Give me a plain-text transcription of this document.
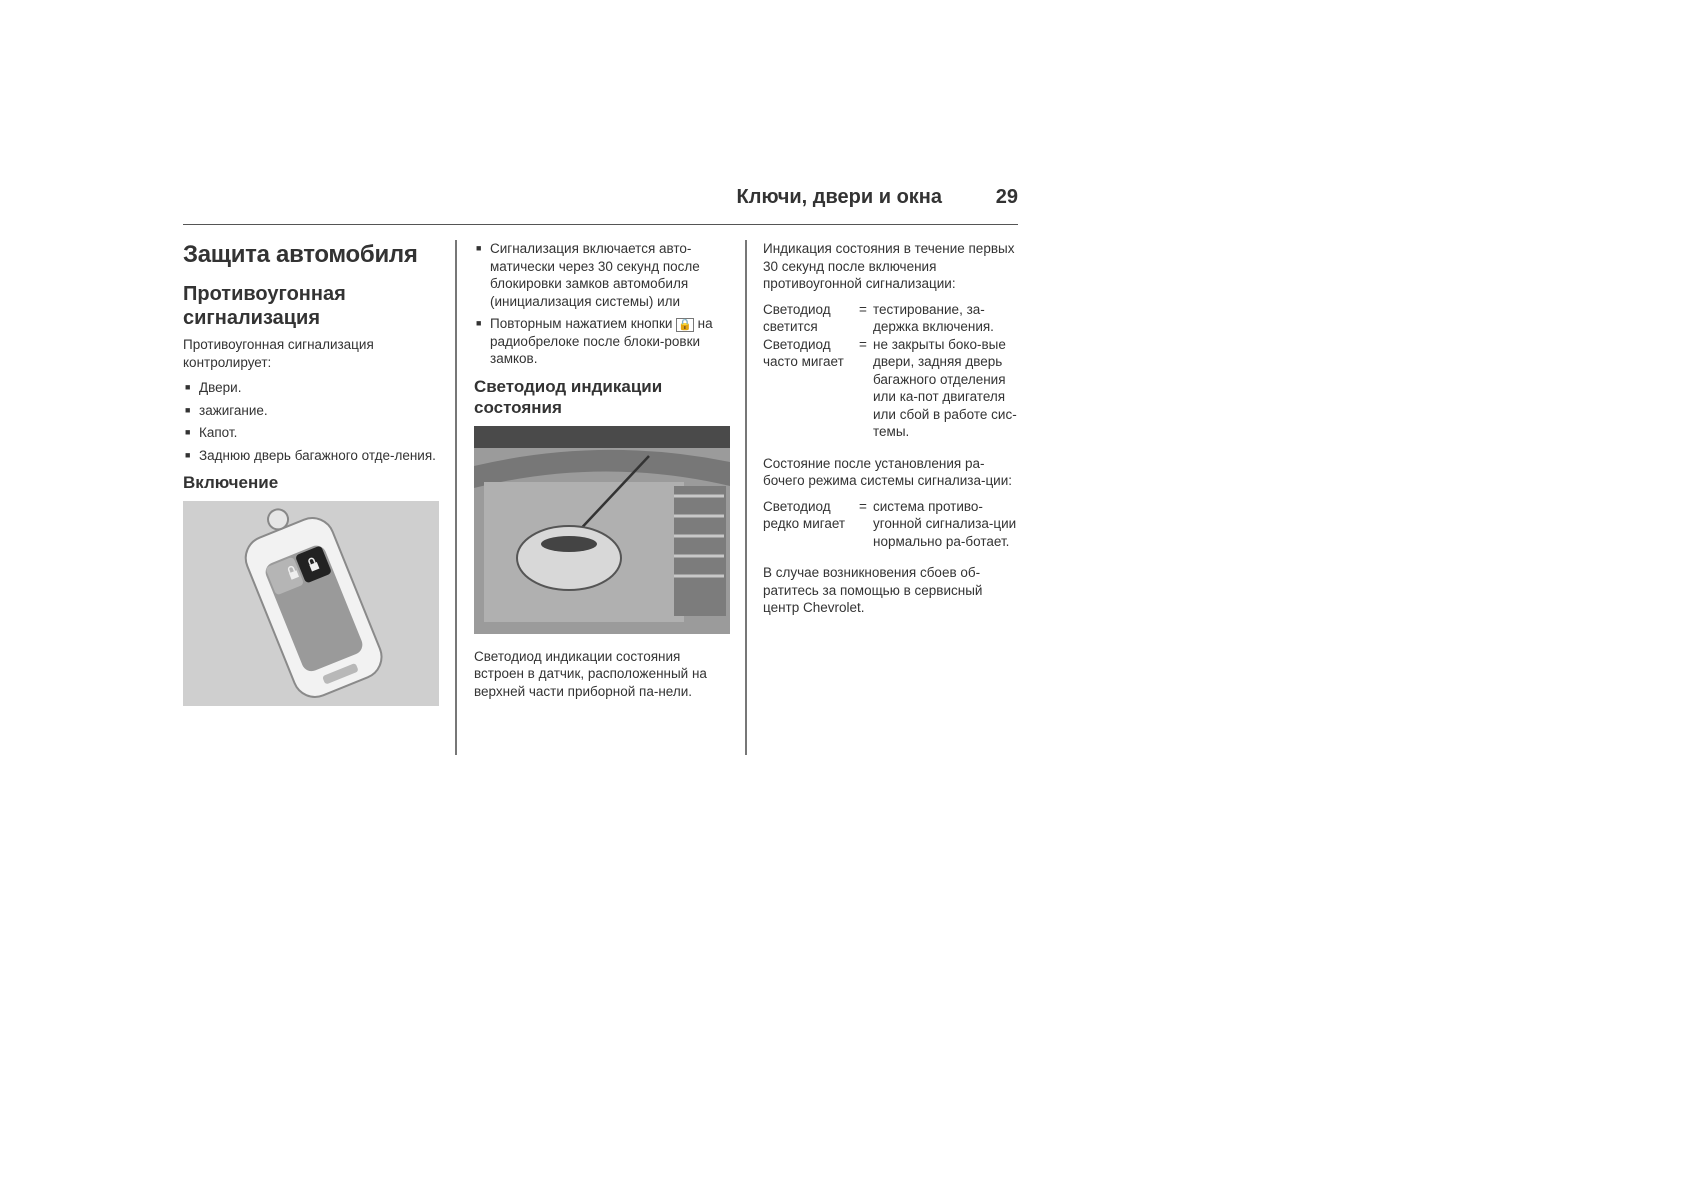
Ключи, двери и окна	29
Защита автомобиля
Противоугонная сигнализация

Противоугонная сигнализация контролирует:

■ Двери.
■ зажигание.
■ Капот.
■ Заднюю дверь багажного отде-ления.
Включение
■ Сигнализация включается авто-матически через 30 секунд после блокировки замков автомобиля (инициализация системы) или
■ Повторным нажатием кнопки 🔒 на радиобрелоке после блоки-ровки замков.
Светодиод индикации состояния

Светодиод индикации состояния встроен в датчик, расположенный на верхней части приборной па-нели.

Индикация состояния в течение первых 30 секунд после включения противоугонной сигнализации:

Светодиод светится	=	тестирование, за-держка включения.
Светодиод часто мигает	=	не закрыты боко-вые двери, задняя дверь багажного отделения или ка-пот двигателя или сбой в работе сис-темы.

Состояние после установления ра-бочего режима системы сигнализа-ции:

Светодиод редко мигает	=	система противо-угонной сигнализа-ции нормально ра-ботает.

В случае возникновения сбоев об-ратитесь за помощью в сервисный центр Chevrolet.
